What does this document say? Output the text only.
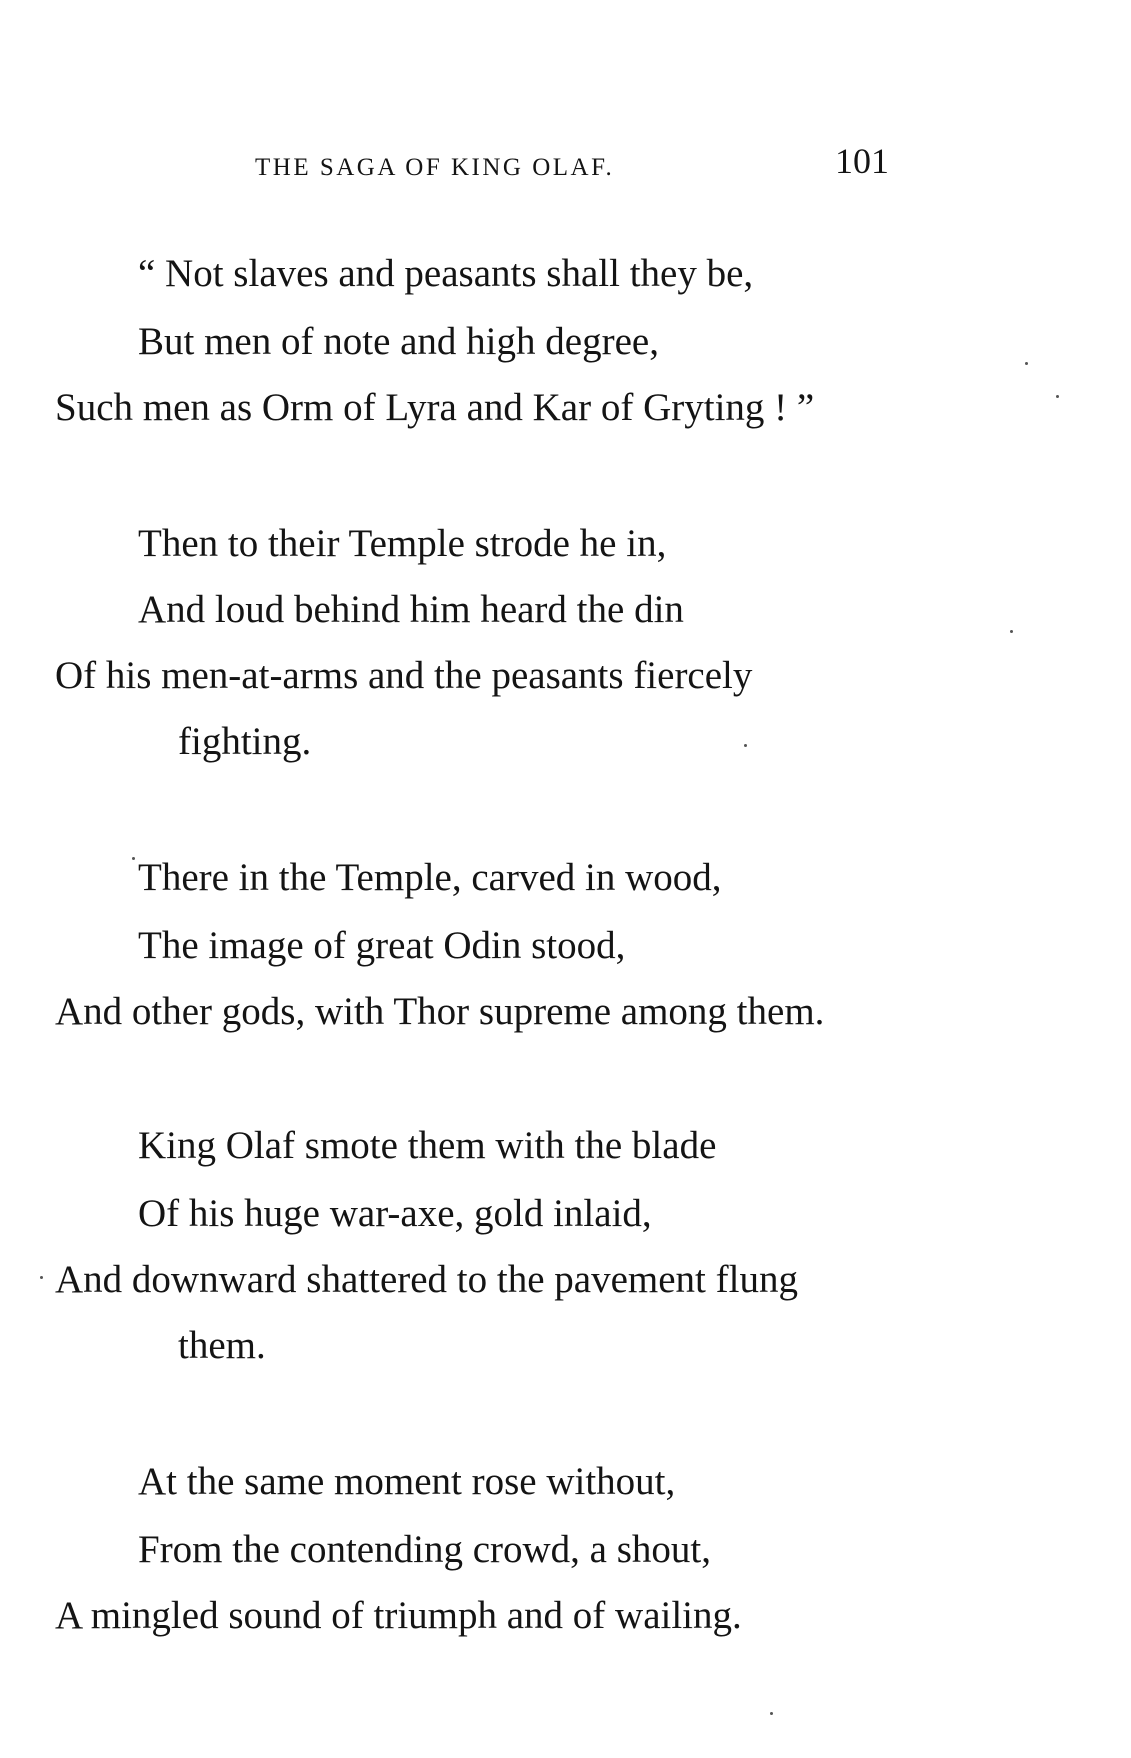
THE SAGA OF KING OLAF.	101
“ Not slaves and peasants shall they be,
But men of note and high degree,
Such men as Orm of Lyra and Kar of Gryting ! ”
Then to their Temple strode he in,
And loud behind him heard the din
Of his men-at-arms and the peasants fiercely
fighting.
There in the Temple, carved in wood,
The image of great Odin stood,
And other gods, with Thor supreme among them.
King Olaf smote them with the blade
Of his huge war-axe, gold inlaid,
And downward shattered to the pavement flung
them.
At the same moment rose without,
From the contending crowd, a shout,
A mingled sound of triumph and of wailing.
